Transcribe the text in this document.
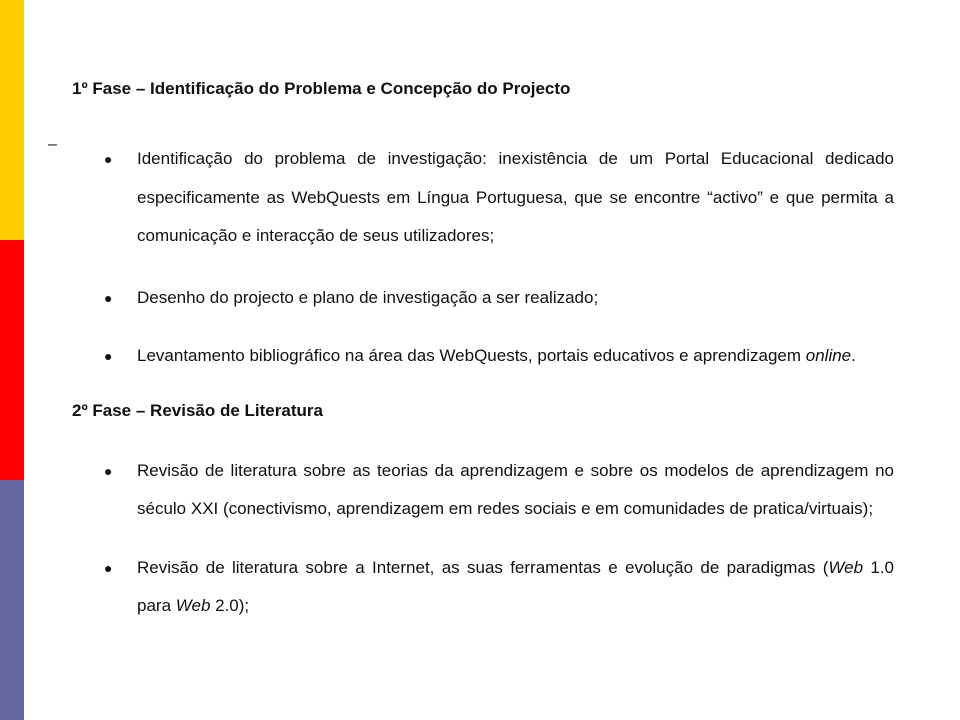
–
1º Fase – Identificação do Problema e Concepção do Projecto
● Identificação do problema de investigação: inexistência de um Portal Educacional dedicado especificamente as WebQuests em Língua Portuguesa, que se encontre “activo” e que permita a comunicação e interacção de seus utilizadores;

● Desenho do projecto e plano de investigação a ser realizado;

● Levantamento bibliográfico na área das WebQuests, portais educativos e aprendizagem online.

2º Fase – Revisão de Literatura
● Revisão de literatura sobre as teorias da aprendizagem e sobre os modelos de aprendizagem no século XXI (conectivismo, aprendizagem em redes sociais e em comunidades de pratica/virtuais);

● Revisão de literatura sobre a Internet, as suas ferramentas e evolução de paradigmas (Web 1.0 para Web 2.0);
